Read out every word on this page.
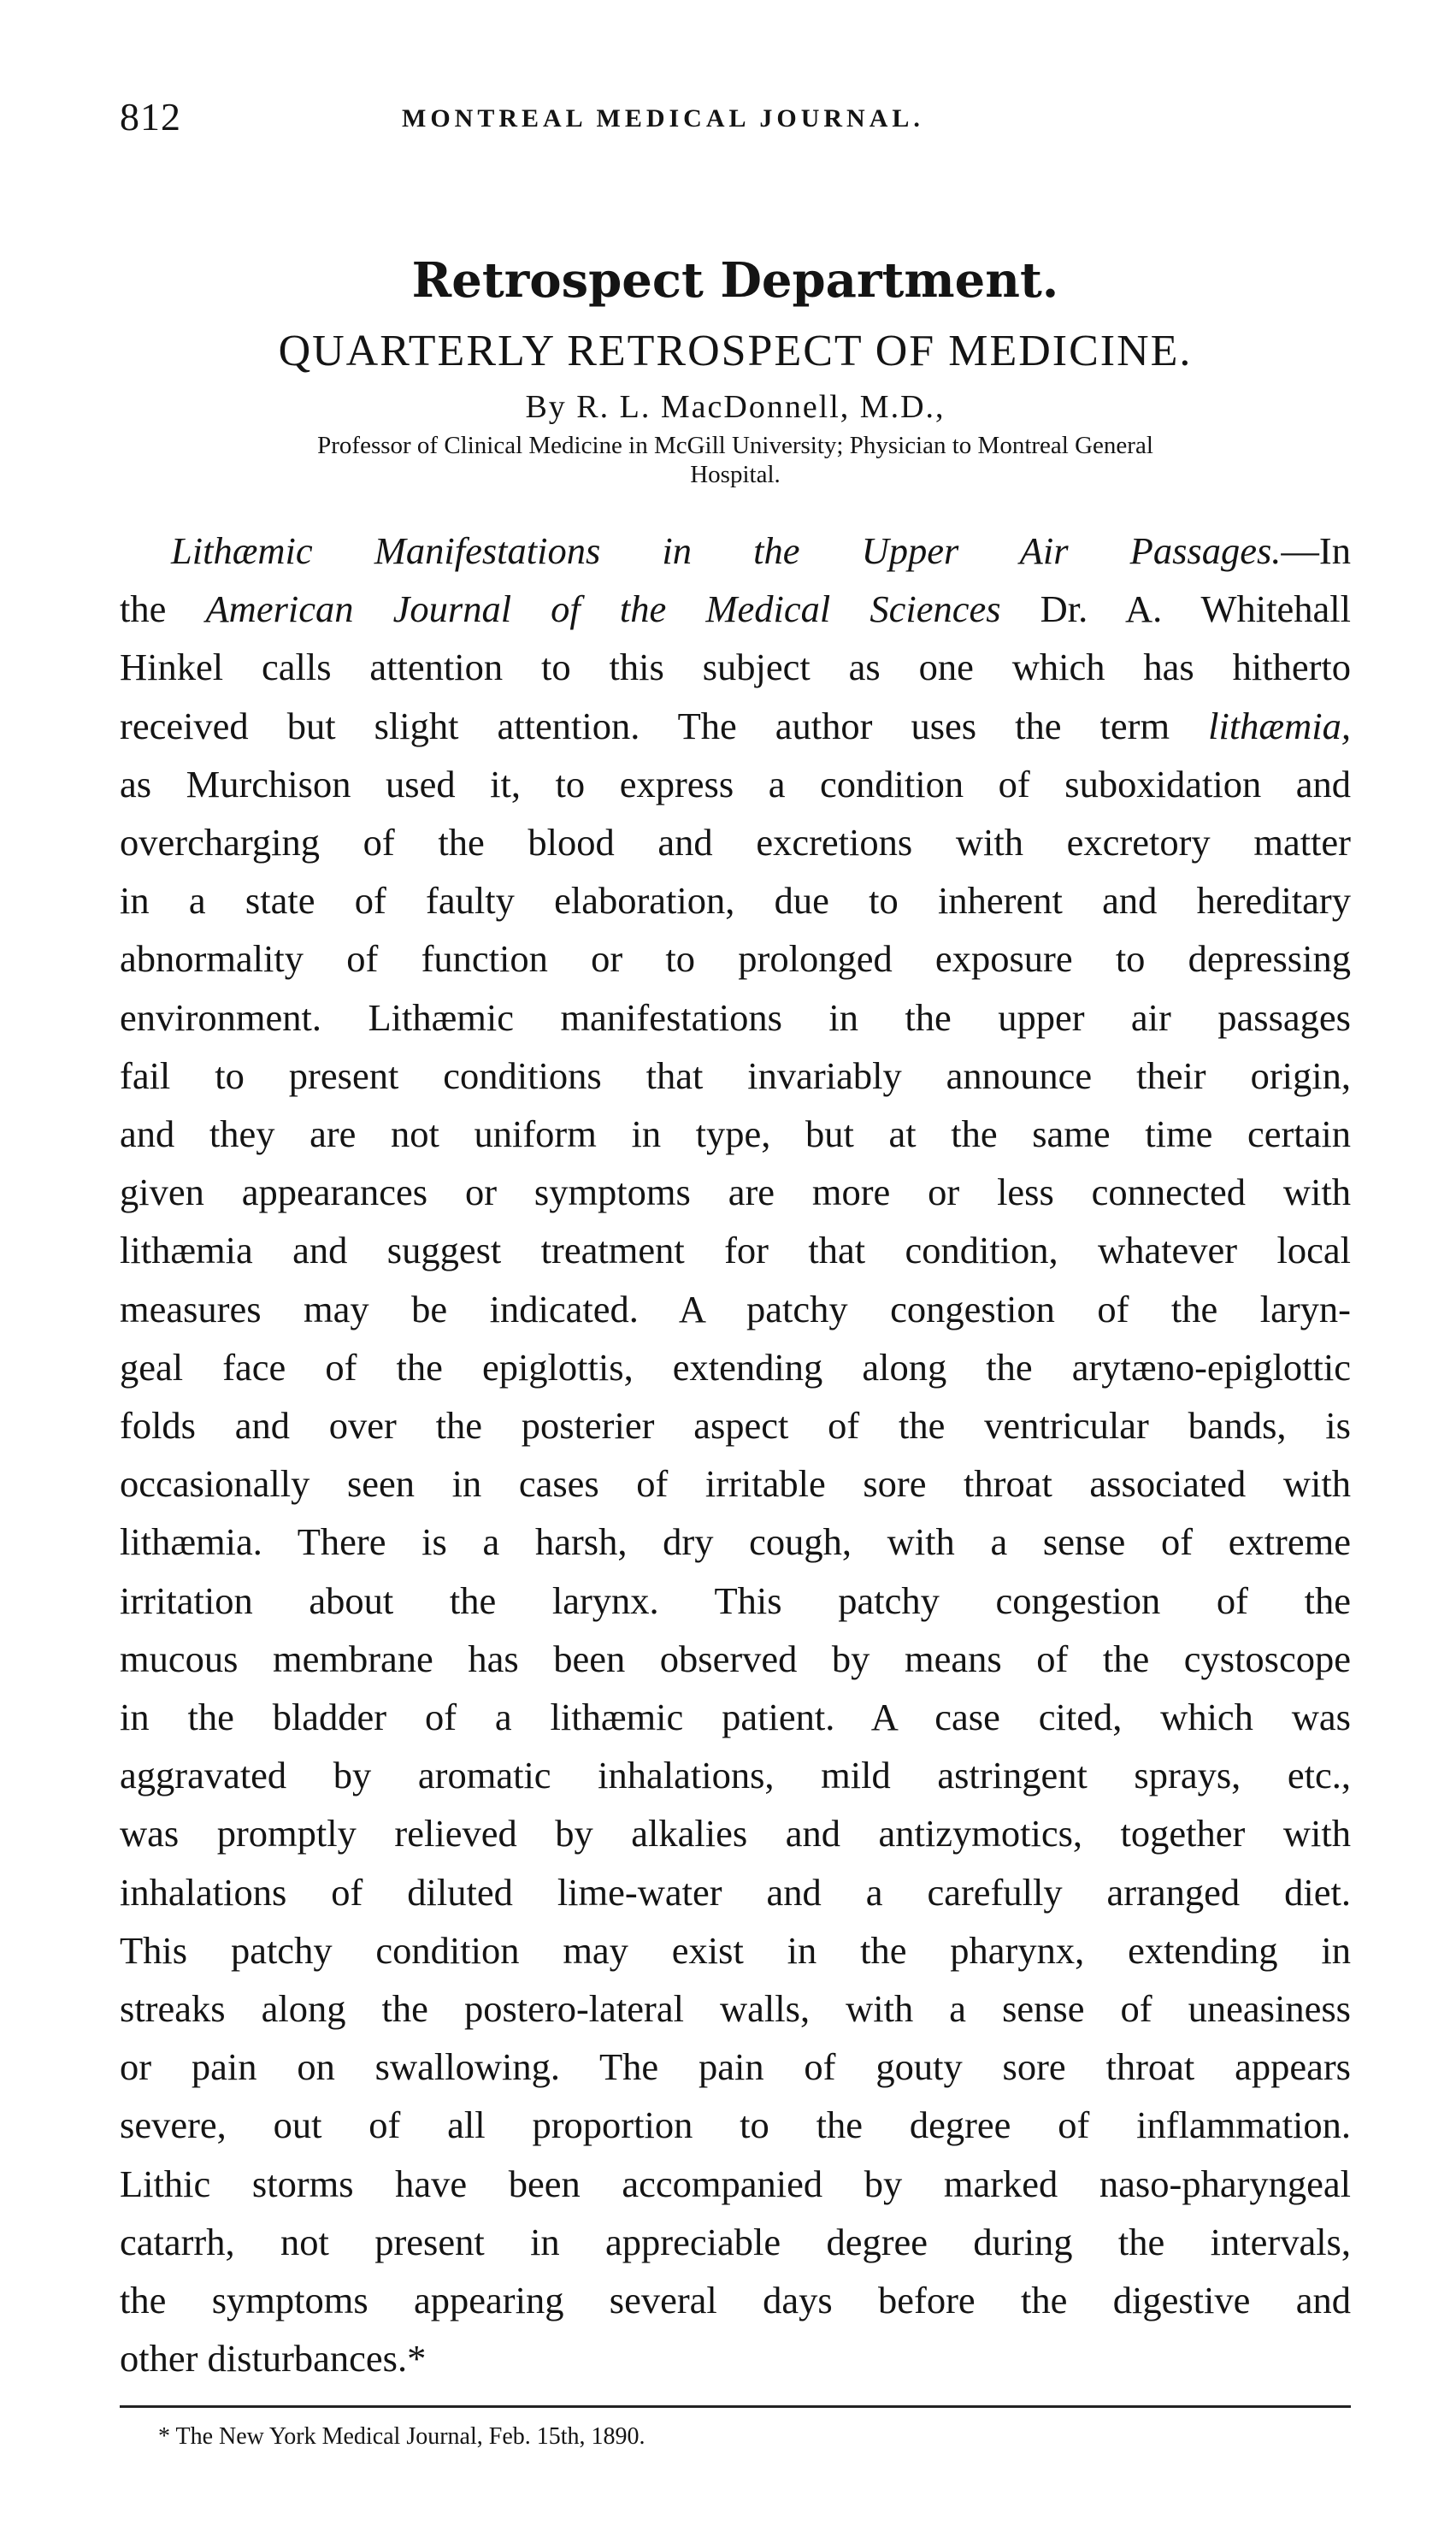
812	MONTREAL MEDICAL JOURNAL.
Retrospect Department.
QUARTERLY RETROSPECT OF MEDICINE.
By R. L. MacDonnell, M.D.,
Professor of Clinical Medicine in McGill University; Physician to Montreal General
Hospital.
Lithæmic Manifestations in the Upper Air Passages.—In
the American Journal of the Medical Sciences Dr. A. Whitehall
Hinkel calls attention to this subject as one which has hitherto
received but slight attention. The author uses the term lithæmia,
as Murchison used it, to express a condition of suboxidation and
overcharging of the blood and excretions with excretory matter
in a state of faulty elaboration, due to inherent and hereditary
abnormality of function or to prolonged exposure to depressing
environment. Lithæmic manifestations in the upper air passages
fail to present conditions that invariably announce their origin,
and they are not uniform in type, but at the same time certain
given appearances or symptoms are more or less connected with
lithæmia and suggest treatment for that condition, whatever local
measures may be indicated. A patchy congestion of the laryn-
geal face of the epiglottis, extending along the arytæno-epiglottic
folds and over the posterier aspect of the ventricular bands, is
occasionally seen in cases of irritable sore throat associated with
lithæmia. There is a harsh, dry cough, with a sense of extreme
irritation about the larynx. This patchy congestion of the
mucous membrane has been observed by means of the cystoscope
in the bladder of a lithæmic patient. A case cited, which was
aggravated by aromatic inhalations, mild astringent sprays, etc.,
was promptly relieved by alkalies and antizymotics, together with
inhalations of diluted lime-water and a carefully arranged diet.
This patchy condition may exist in the pharynx, extending in
streaks along the postero-lateral walls, with a sense of uneasiness
or pain on swallowing. The pain of gouty sore throat appears
severe, out of all proportion to the degree of inflammation.
Lithic storms have been accompanied by marked naso-pharyngeal
catarrh, not present in appreciable degree during the intervals,
the symptoms appearing several days before the digestive and
other disturbances.*
* The New York Medical Journal, Feb. 15th, 1890.
